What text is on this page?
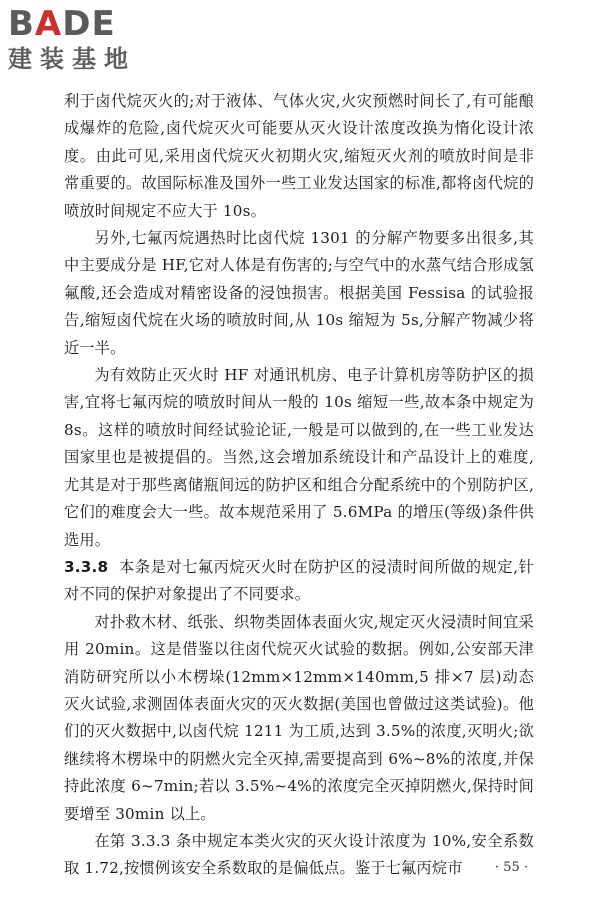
BADE
建装基地

利于卤代烷灭火的;对于液体、气体火灾,火灾预燃时间长了,有可能酿成爆炸的危险,卤代烷灭火可能要从灭火设计浓度改换为惰化设计浓度。由此可见,采用卤代烷灭火初期火灾,缩短灭火剂的喷放时间是非常重要的。故国际标准及国外一些工业发达国家的标准,都将卤代烷的喷放时间规定不应大于 10s。

另外,七氟丙烷遇热时比卤代烷 1301 的分解产物要多出很多,其中主要成分是 HF,它对人体是有伤害的;与空气中的水蒸气结合形成氢氟酸,还会造成对精密设备的浸蚀损害。根据美国 Fessisa 的试验报告,缩短卤代烷在火场的喷放时间,从 10s 缩短为 5s,分解产物减少将近一半。

为有效防止灭火时 HF 对通讯机房、电子计算机房等防护区的损害,宜将七氟丙烷的喷放时间从一般的 10s 缩短一些,故本条中规定为 8s。这样的喷放时间经试验论证,一般是可以做到的,在一些工业发达国家里也是被提倡的。当然,这会增加系统设计和产品设计上的难度,尤其是对于那些离储瓶间远的防护区和组合分配系统中的个别防护区,它们的难度会大一些。故本规范采用了 5.6MPa 的增压(等级)条件供选用。

3.3.8 本条是对七氟丙烷灭火时在防护区的浸渍时间所做的规定,针对不同的保护对象提出了不同要求。

对扑救木材、纸张、织物类固体表面火灾,规定灭火浸渍时间宜采用 20min。这是借鉴以往卤代烷灭火试验的数据。例如,公安部天津消防研究所以小木楞垛(12mm×12mm×140mm,5 排×7 层)动态灭火试验,求测固体表面火灾的灭火数据(美国也曾做过这类试验)。他们的灭火数据中,以卤代烷 1211 为工质,达到 3.5%的浓度,灭明火;欲继续将木楞垛中的阴燃火完全灭掉,需要提高到 6%~8%的浓度,并保持此浓度 6~7min;若以 3.5%~4%的浓度完全灭掉阴燃火,保持时间要增至 30min 以上。

在第 3.3.3 条中规定本类火灾的灭火设计浓度为 10%,安全系数取 1.72,按惯例该安全系数取的是偏低点。鉴于七氟丙烷市	· 55 ·
